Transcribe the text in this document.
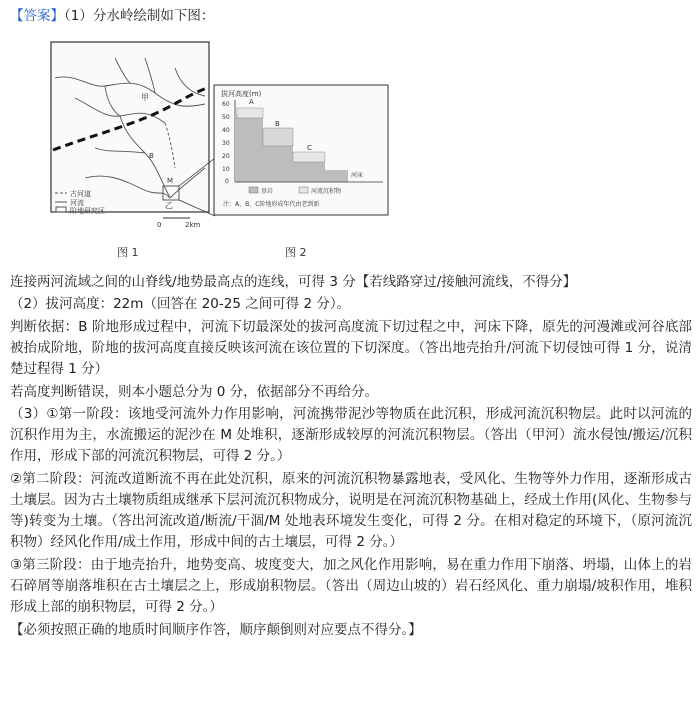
【答案】（1）分水岭绘制如下图：
甲
乙
B
M
古河道
河流
阶地研究区
0	2km
图 1
拔河高度(m)
60
50
40
30
20
10
0
A
B
C
河床
基岩	河流沉积物
注：A、B、C阶地形成年代由老到新
图 2

连接两河流域之间的山脊线/地势最高点的连线，可得 3 分【若线路穿过/接触河流线，不得分】

（2）拔河高度：22m（回答在 20-25 之间可得 2 分）。

判断依据：B 阶地形成过程中，河流下切最深处的拔河高度流下切过程之中，河床下降，原先的河漫滩或河谷底部被抬成阶地，阶地的拔河高度直接反映该河流在该位置的下切深度。（答出地壳抬升/河流下切侵蚀可得 1 分，说清楚过程得 1 分）

若高度判断错误，则本小题总分为 0 分，依据部分不再给分。

（3）①第一阶段：该地受河流外力作用影响，河流携带泥沙等物质在此沉积，形成河流沉积物层。此时以河流的沉积作用为主，水流搬运的泥沙在 M 处堆积，逐渐形成较厚的河流沉积物层。（答出（甲河）流水侵蚀/搬运/沉积作用，形成下部的河流沉积物层，可得 2 分。）

②第二阶段：河流改道断流不再在此处沉积，原来的河流沉积物暴露地表，受风化、生物等外力作用，逐渐形成古土壤层。因为古土壤物质组成继承下层河流沉积物成分，说明是在河流沉积物基础上，经成土作用(风化、生物参与等)转变为土壤。（答出河流改道/断流/干涸/M 处地表环境发生变化，可得 2 分。在相对稳定的环境下，（原河流沉积物）经风化作用/成土作用，形成中间的古土壤层，可得 2 分。）

③第三阶段：由于地壳抬升，地势变高、坡度变大，加之风化作用影响，易在重力作用下崩落、坍塌，山体上的岩石碎屑等崩落堆积在古土壤层之上，形成崩积物层。（答出（周边山坡的）岩石经风化、重力崩塌/坡积作用，堆积形成上部的崩积物层，可得 2 分。）

【必须按照正确的地质时间顺序作答，顺序颠倒则对应要点不得分。】
